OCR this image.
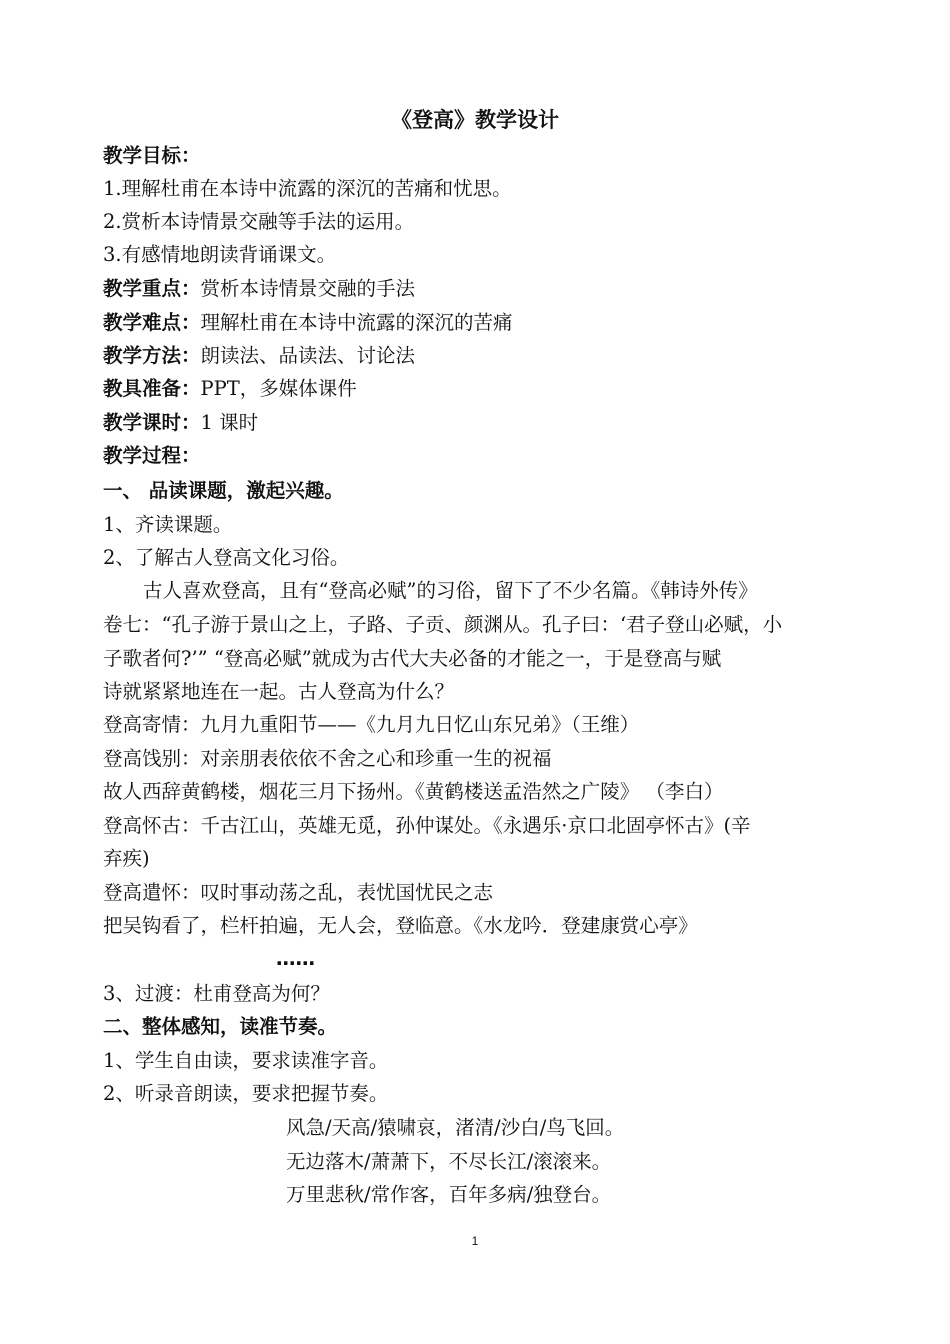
《登高》教学设计
教学目标：
1.理解杜甫在本诗中流露的深沉的苦痛和忧思。
2.赏析本诗情景交融等手法的运用。
3.有感情地朗读背诵课文。
教学重点：赏析本诗情景交融的手法
教学难点：理解杜甫在本诗中流露的深沉的苦痛
教学方法：朗读法、品读法、讨论法
教具准备：PPT，多媒体课件
教学课时：1 课时
教学过程：
一、 品读课题，激起兴趣。
1、齐读课题。
2、了解古人登高文化习俗。
古人喜欢登高，且有“登高必赋”的习俗，留下了不少名篇。《韩诗外传》
卷七：“孔子游于景山之上，子路、子贡、颜渊从。孔子曰：‘君子登山必赋，小
子歌者何?’” “登高必赋”就成为古代大夫必备的才能之一，于是登高与赋
诗就紧紧地连在一起。古人登高为什么？
登高寄情：九月九重阳节——《九月九日忆山东兄弟》（王维）
登高饯别：对亲朋表依依不舍之心和珍重一生的祝福
故人西辞黄鹤楼，烟花三月下扬州。《黄鹤楼送孟浩然之广陵》 （李白）
登高怀古：千古江山，英雄无觅，孙仲谋处。《永遇乐·京口北固亭怀古》(辛
弃疾)
登高遣怀：叹时事动荡之乱，表忧国忧民之志
把吴钩看了，栏杆拍遍，无人会，登临意。《水龙吟．登建康赏心亭》
……
3、过渡：杜甫登高为何？
二、整体感知，读准节奏。
1、学生自由读，要求读准字音。
2、听录音朗读，要求把握节奏。
风急/天高/猿啸哀，渚清/沙白/鸟飞回。
无边落木/萧萧下，不尽长江/滚滚来。
万里悲秋/常作客，百年多病/独登台。
1
